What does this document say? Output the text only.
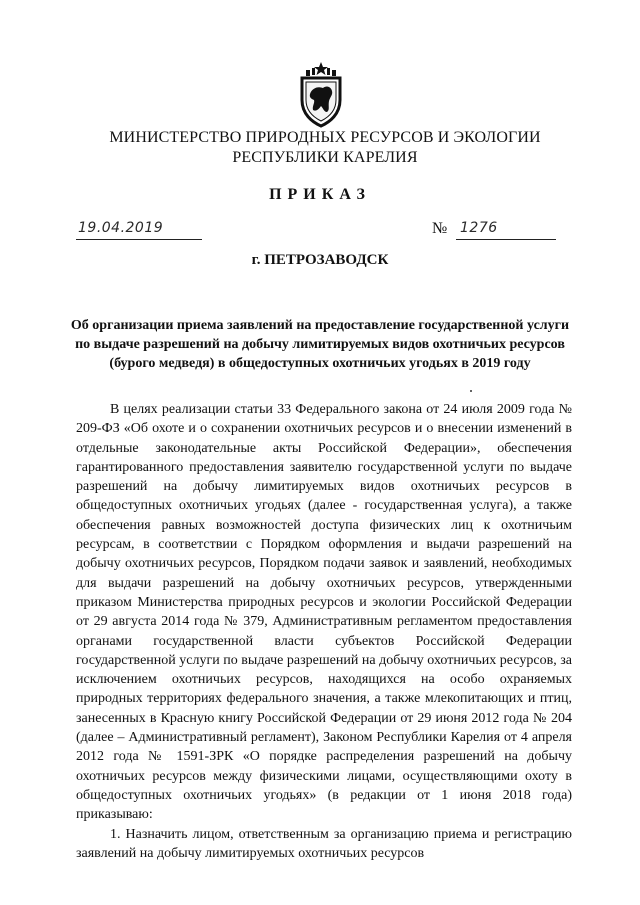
МИНИСТЕРСТВО ПРИРОДНЫХ РЕСУРСОВ И ЭКОЛОГИИ РЕСПУБЛИКИ КАРЕЛИЯ
ПРИКАЗ
19.04.2019	№ 1276
г. ПЕТРОЗАВОДСК
Об организации приема заявлений на предоставление государственной услуги по выдаче разрешений на добычу лимитируемых видов охотничьих ресурсов (бурого медведя) в общедоступных охотничьих угодьях в 2019 году

В целях реализации статьи 33 Федерального закона от 24 июля 2009 года № 209-ФЗ «Об охоте и о сохранении охотничьих ресурсов и о внесении изменений в отдельные законодательные акты Российской Федерации», обеспечения гарантированного предоставления заявителю государственной услуги по выдаче разрешений на добычу лимитируемых видов охотничьих ресурсов в общедоступных охотничьих угодьях (далее - государственная услуга), а также обеспечения равных возможностей доступа физических лиц к охотничьим ресурсам, в соответствии с Порядком оформления и выдачи разрешений на добычу охотничьих ресурсов, Порядком подачи заявок и заявлений, необходимых для выдачи разрешений на добычу охотничьих ресурсов, утвержденными приказом Министерства природных ресурсов и экологии Российской Федерации от 29 августа 2014 года № 379, Административным регламентом предоставления органами государственной власти субъектов Российской Федерации государственной услуги по выдаче разрешений на добычу охотничьих ресурсов, за исключением охотничьих ресурсов, находящихся на особо охраняемых природных территориях федерального значения, а также млекопитающих и птиц, занесенных в Красную книгу Российской Федерации от 29 июня 2012 года № 204 (далее – Административный регламент), Законом Республики Карелия от 4 апреля 2012 года № 1591-ЗРК «О порядке распределения разрешений на добычу охотничьих ресурсов между физическими лицами, осуществляющими охоту в общедоступных охотничьих угодьях» (в редакции от 1 июня 2018 года) приказываю:

1. Назначить лицом, ответственным за организацию приема и регистрацию заявлений на добычу лимитируемых охотничьих ресурсов
